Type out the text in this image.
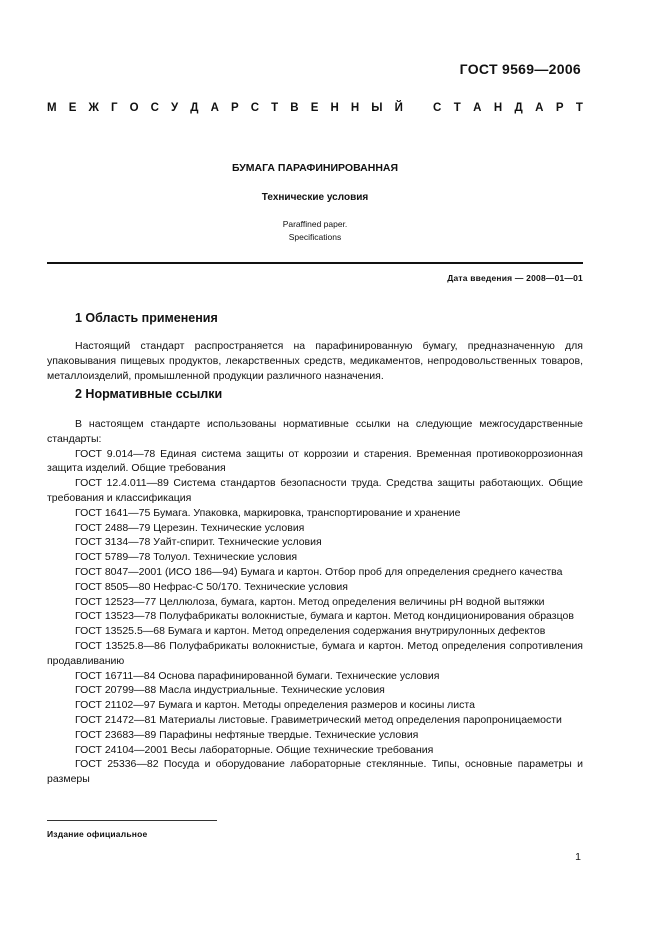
ГОСТ 9569—2006
М Е Ж Г О С У Д А Р С Т В Е Н Н Ы Й	С Т А Н Д А Р Т
БУМАГА ПАРАФИНИРОВАННАЯ
Технические условия
Paraffined paper.
Specifications
Дата введения — 2008—01—01
1 Область применения

Настоящий стандарт распространяется на парафинированную бумагу, предназначенную для упаковывания пищевых продуктов, лекарственных средств, медикаментов, непродовольственных товаров, металлоизделий, промышленной продукции различного назначения.

2 Нормативные ссылки

В настоящем стандарте использованы нормативные ссылки на следующие межгосударственные стандарты:

ГОСТ 9.014—78 Единая система защиты от коррозии и старения. Временная противокоррозионная защита изделий. Общие требования

ГОСТ 12.4.011—89 Система стандартов безопасности труда. Средства защиты работающих. Общие требования и классификация

ГОСТ 1641—75 Бумага. Упаковка, маркировка, транспортирование и хранение

ГОСТ 2488—79 Церезин. Технические условия

ГОСТ 3134—78 Уайт-спирит. Технические условия

ГОСТ 5789—78 Толуол. Технические условия

ГОСТ 8047—2001 (ИСО 186—94) Бумага и картон. Отбор проб для определения среднего качества

ГОСТ 8505—80 Нефрас-С 50/170. Технические условия

ГОСТ 12523—77 Целлюлоза, бумага, картон. Метод определения величины pH водной вытяжки

ГОСТ 13523—78 Полуфабрикаты волокнистые, бумага и картон. Метод кондиционирования образцов

ГОСТ 13525.5—68 Бумага и картон. Метод определения содержания внутрирулонных дефектов

ГОСТ 13525.8—86 Полуфабрикаты волокнистые, бумага и картон. Метод определения сопротивления продавливанию

ГОСТ 16711—84 Основа парафинированной бумаги. Технические условия

ГОСТ 20799—88 Масла индустриальные. Технические условия

ГОСТ 21102—97 Бумага и картон. Методы определения размеров и косины листа

ГОСТ 21472—81 Материалы листовые. Гравиметрический метод определения паропроницаемости

ГОСТ 23683—89 Парафины нефтяные твердые. Технические условия

ГОСТ 24104—2001 Весы лабораторные. Общие технические требования

ГОСТ 25336—82 Посуда и оборудование лабораторные стеклянные. Типы, основные параметры и размеры

Издание официальное
1
